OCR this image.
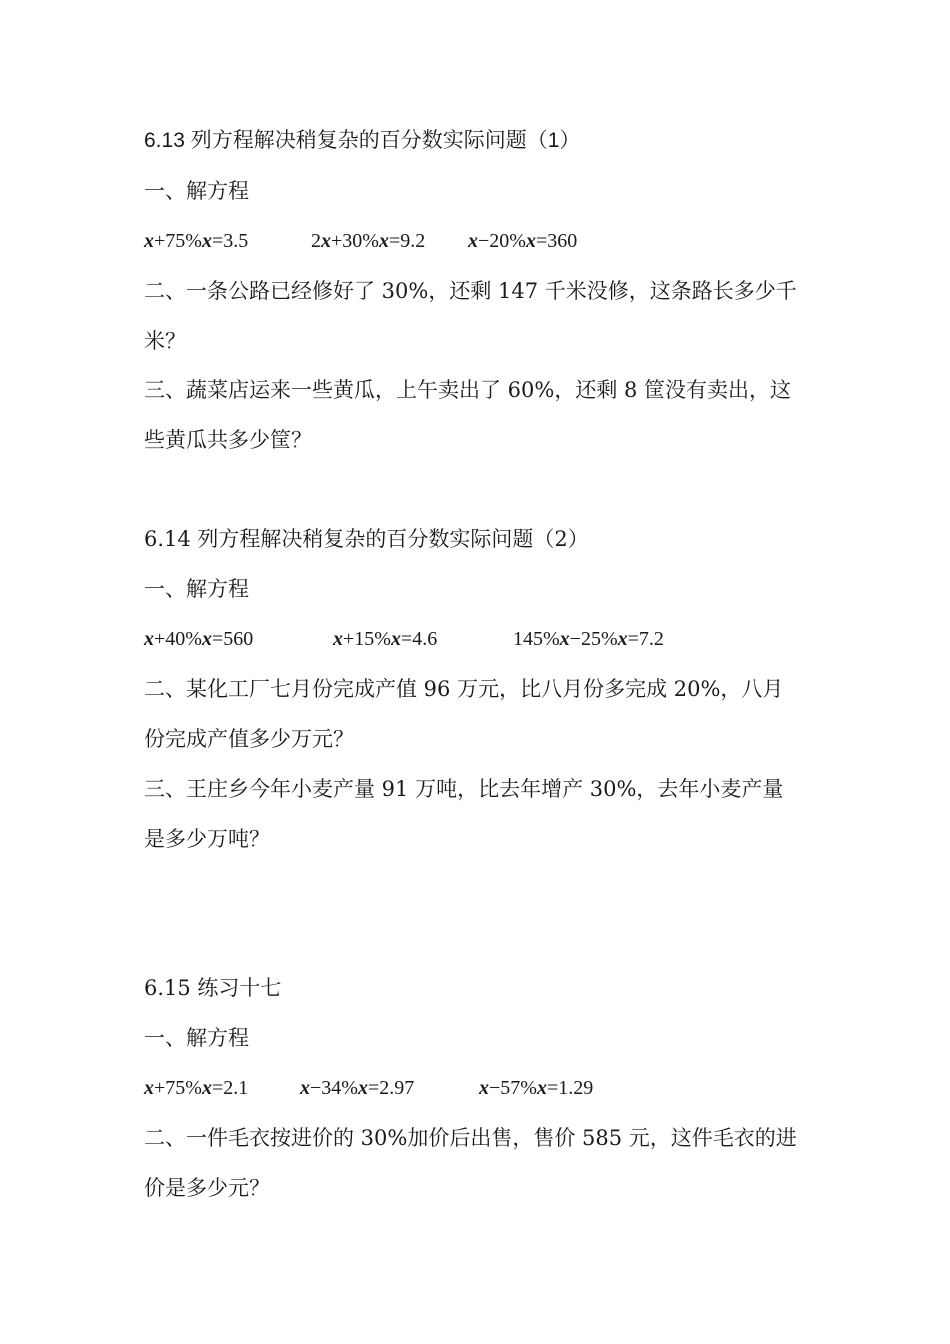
6.13 列方程解决稍复杂的百分数实际问题（1）
一、解方程
x+75%x=3.5	2x+30%x=9.2 x−20%x=360
二、一条公路已经修好了 30%，还剩 147 千米没修，这条路长多少千
米？
三、蔬菜店运来一些黄瓜，上午卖出了 60%，还剩 8 筐没有卖出，这
些黄瓜共多少筐？
6.14 列方程解决稍复杂的百分数实际问题（2）
一、解方程
x+40%x=560	x+15%x=4.6	145%x−25%x=7.2
二、某化工厂七月份完成产值 96 万元，比八月份多完成 20%，八月
份完成产值多少万元？
三、王庄乡今年小麦产量 91 万吨，比去年增产 30%，去年小麦产量
是多少万吨？
6.15 练习十七
一、解方程
x+75%x=2.1	x−34%x=2.97	x−57%x=1.29
二、一件毛衣按进价的 30%加价后出售，售价 585 元，这件毛衣的进
价是多少元？
